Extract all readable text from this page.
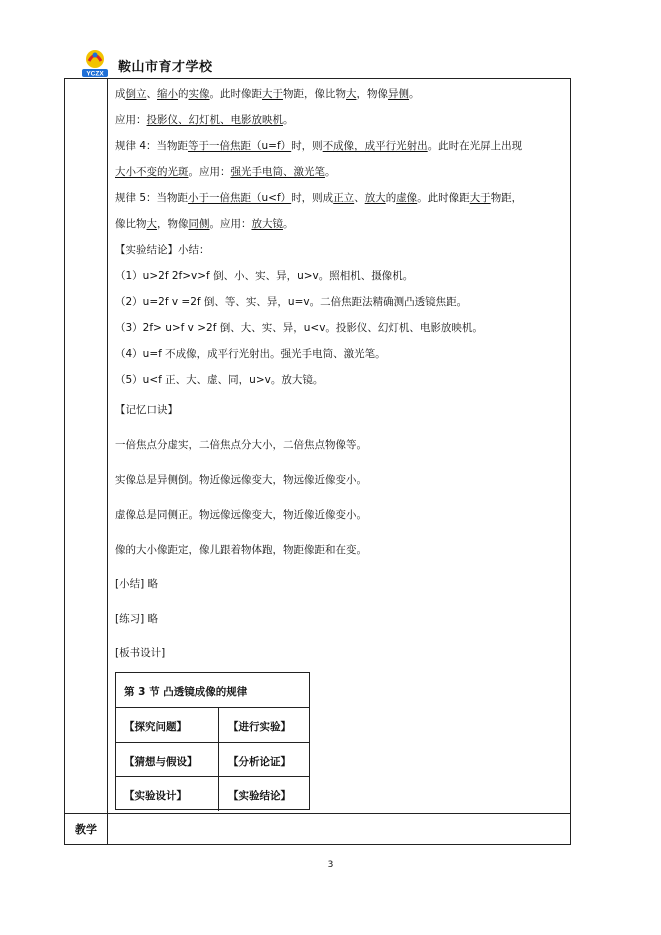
YCZX 鞍山市育才学校
教学
成倒立、缩小的实像。此时像距大于物距，像比物大，物像异侧。
应用：投影仪、幻灯机、电影放映机。
规律 4：当物距等于一倍焦距（u=f）时，则不成像，成平行光射出。此时在光屏上出现
大小不变的光斑。应用：强光手电筒、激光笔。
规律 5：当物距小于一倍焦距（u<f）时，则成正立、放大的虚像。此时像距大于物距，
像比物大，物像同侧。应用：放大镜。
【实验结论】小结：
（1）u>2f 2f>v>f 倒、小、实、异，u>v。照相机、摄像机。
（2）u=2f v =2f 倒、等、实、异，u=v。二倍焦距法精确测凸透镜焦距。
（3）2f> u>f v >2f 倒、大、实、异，u<v。投影仪、幻灯机、电影放映机。
（4）u=f 不成像，成平行光射出。强光手电筒、激光笔。
（5）u<f 正、大、虚、同，u>v。放大镜。
【记忆口诀】
一倍焦点分虚实，二倍焦点分大小，二倍焦点物像等。
实像总是异侧倒。物近像远像变大，物远像近像变小。
虚像总是同侧正。物远像远像变大，物近像近像变小。
像的大小像距定，像儿跟着物体跑，物距像距和在变。
[小结] 略
[练习] 略
[板书设计]
第 3 节 凸透镜成像的规律
【探究问题】	【进行实验】
【猜想与假设】	【分析论证】
【实验设计】	【实验结论】
3
